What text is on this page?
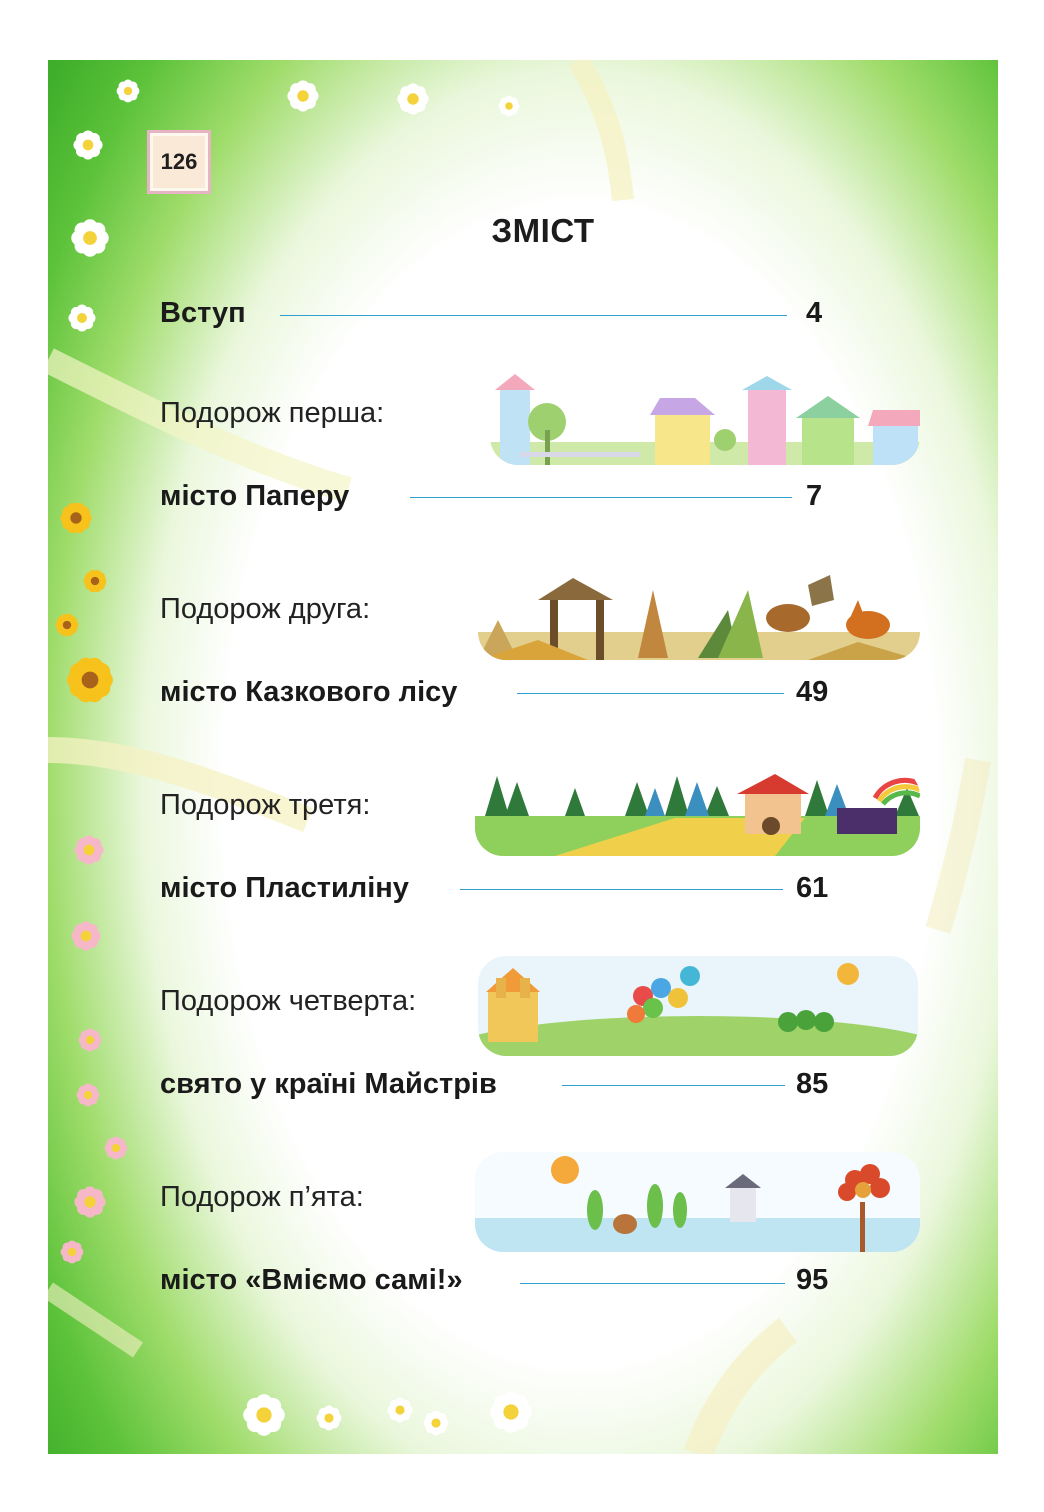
126
ЗМІСТ
Вступ	4
Подорож перша:
місто Паперу	7
Подорож друга:
місто Казкового лісу	49
Подорож третя:
місто Пластиліну	61
Подорож четверта:
свято у країні Майстрів	85
Подорож п’ята:
місто «Вміємо самі!»	95
